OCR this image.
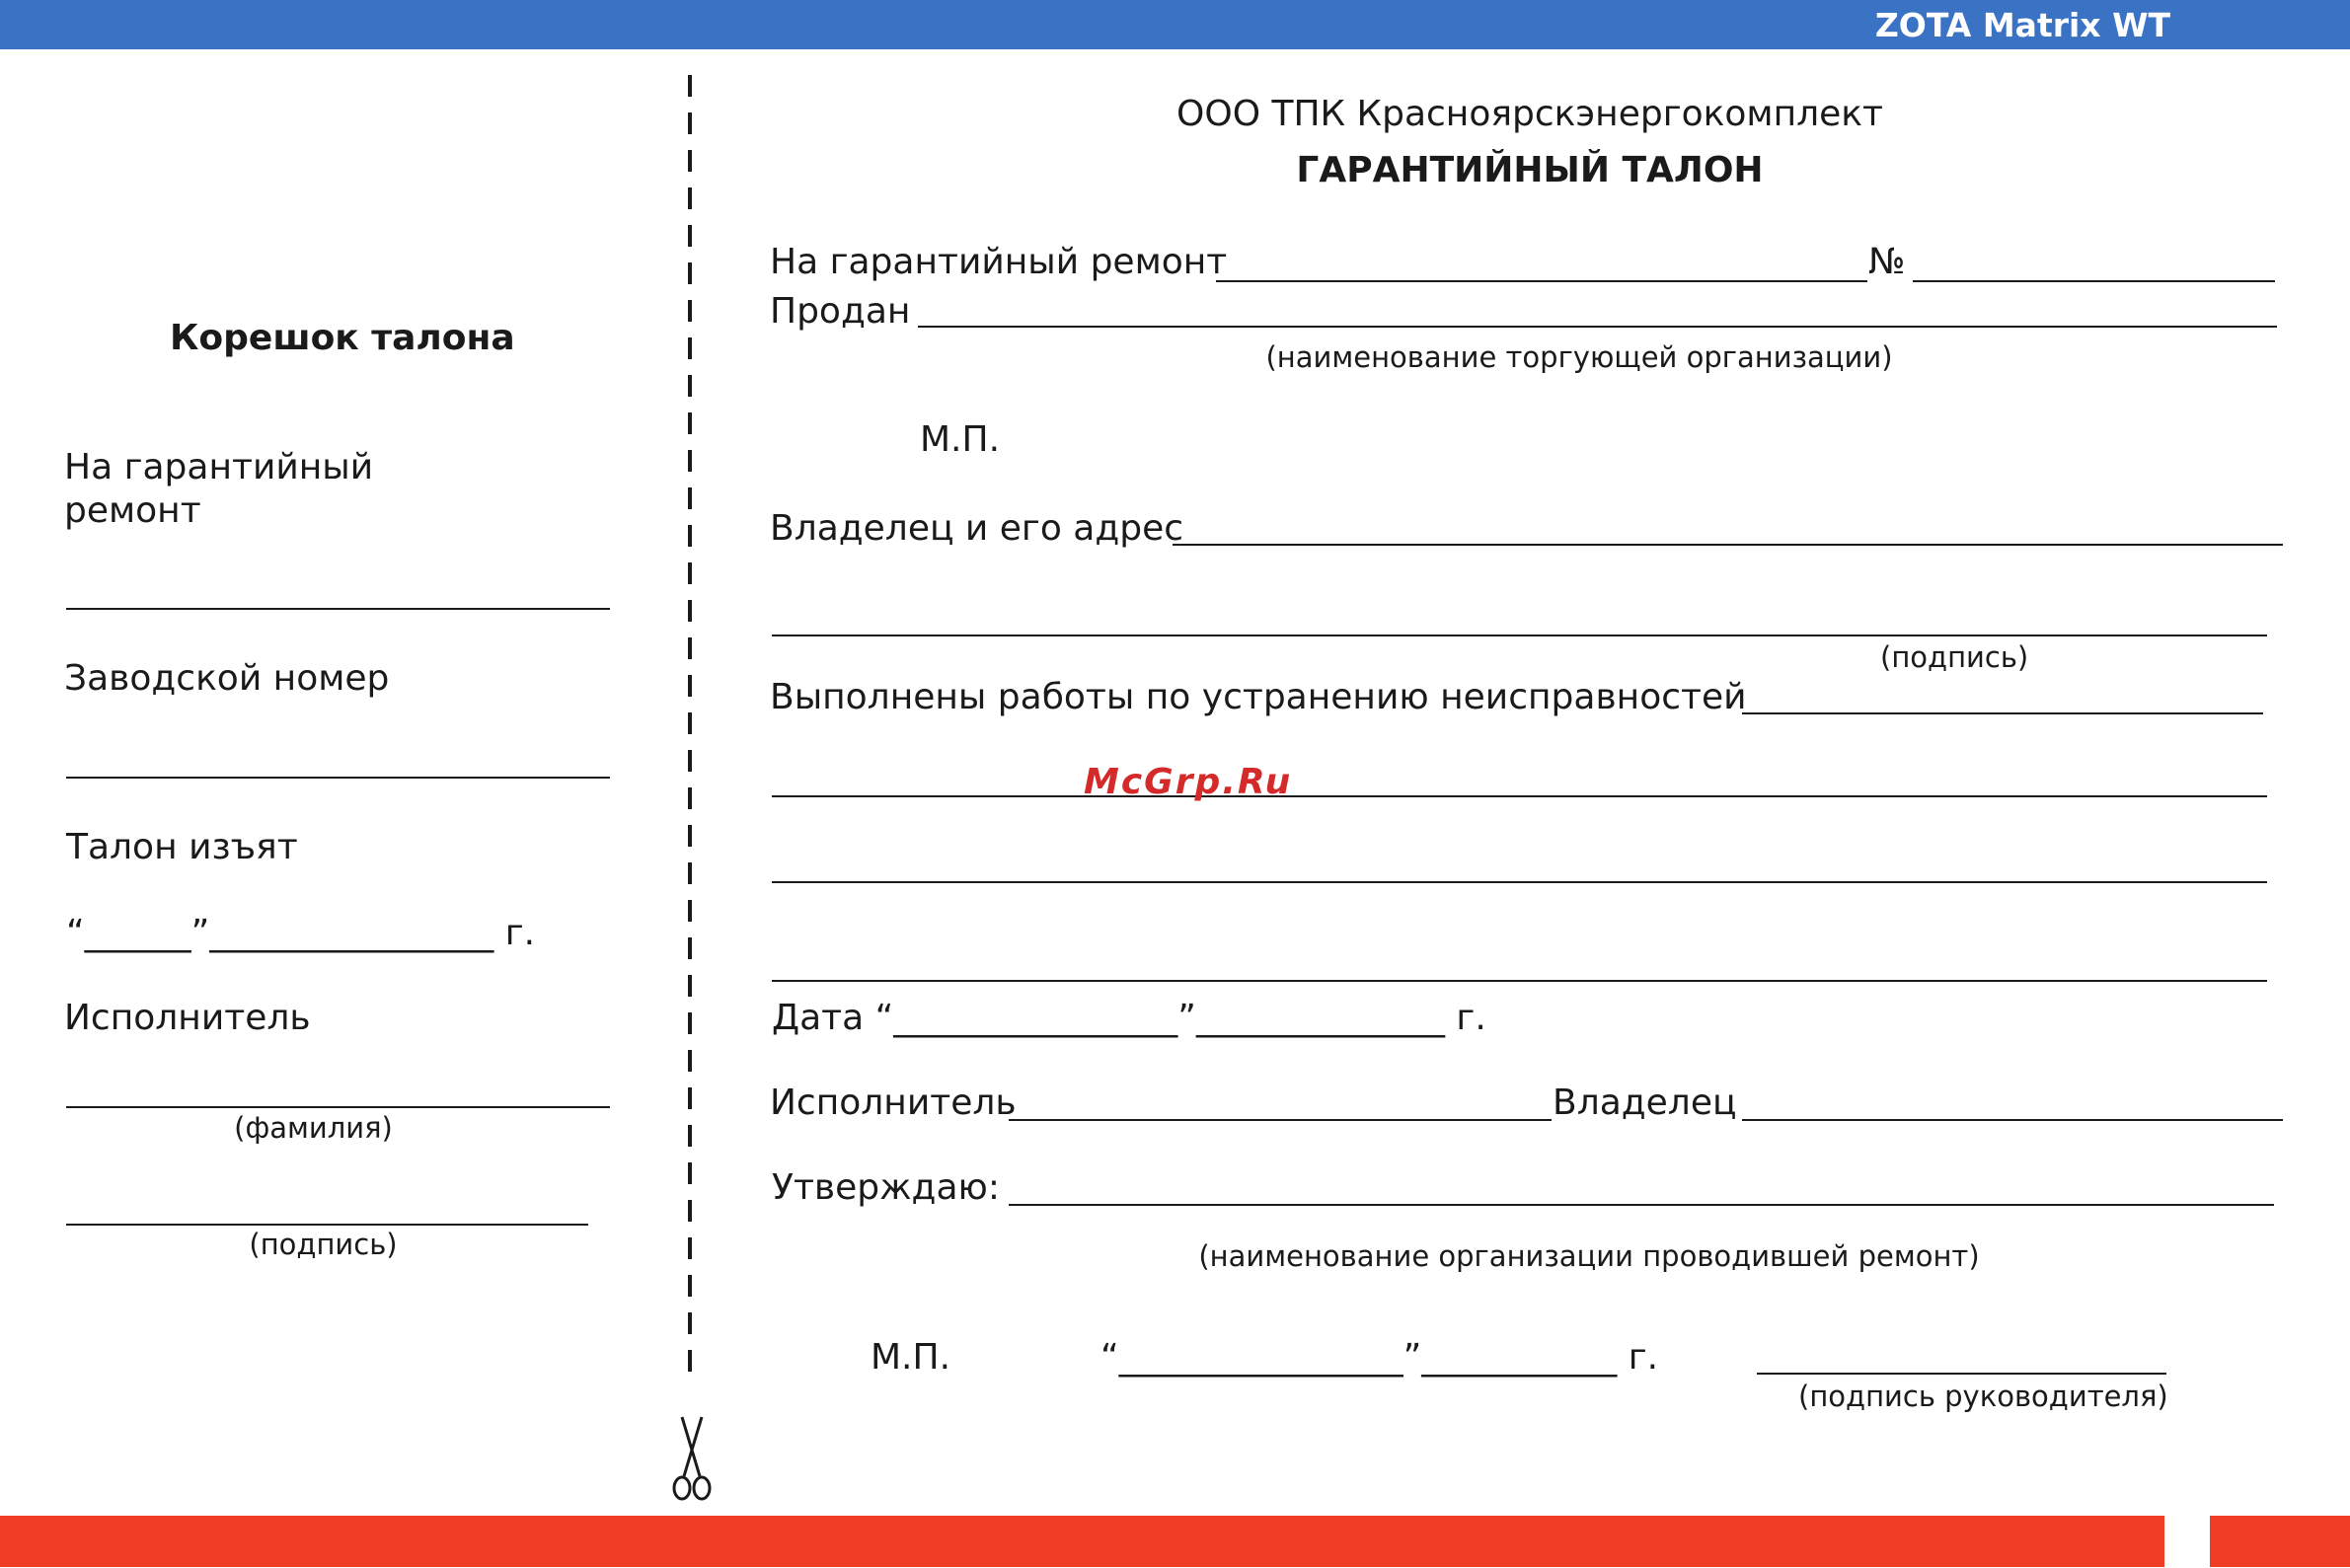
ZOTA Matrix WT
Корешок талона
На гарантийный
ремонт
Заводской номер
Талон изъят
“______”________________ г.
Исполнитель
(фамилия)
(подпись)
ООО ТПК Красноярскэнергокомплект
ГАРАНТИЙНЫЙ ТАЛОН
На гарантийный ремонт	№
Продан
(наименование торгующей организации)
М.П.
Владелец и его адрес
(подпись)
Выполнены работы по устранению неисправностей
McGrp.Ru
Дата “________________”______________ г.
Исполнитель	Владелец
Утверждаю:
(наименование организации проводившей ремонт)
М.П.	“________________”___________ г.
(подпись руководителя)
